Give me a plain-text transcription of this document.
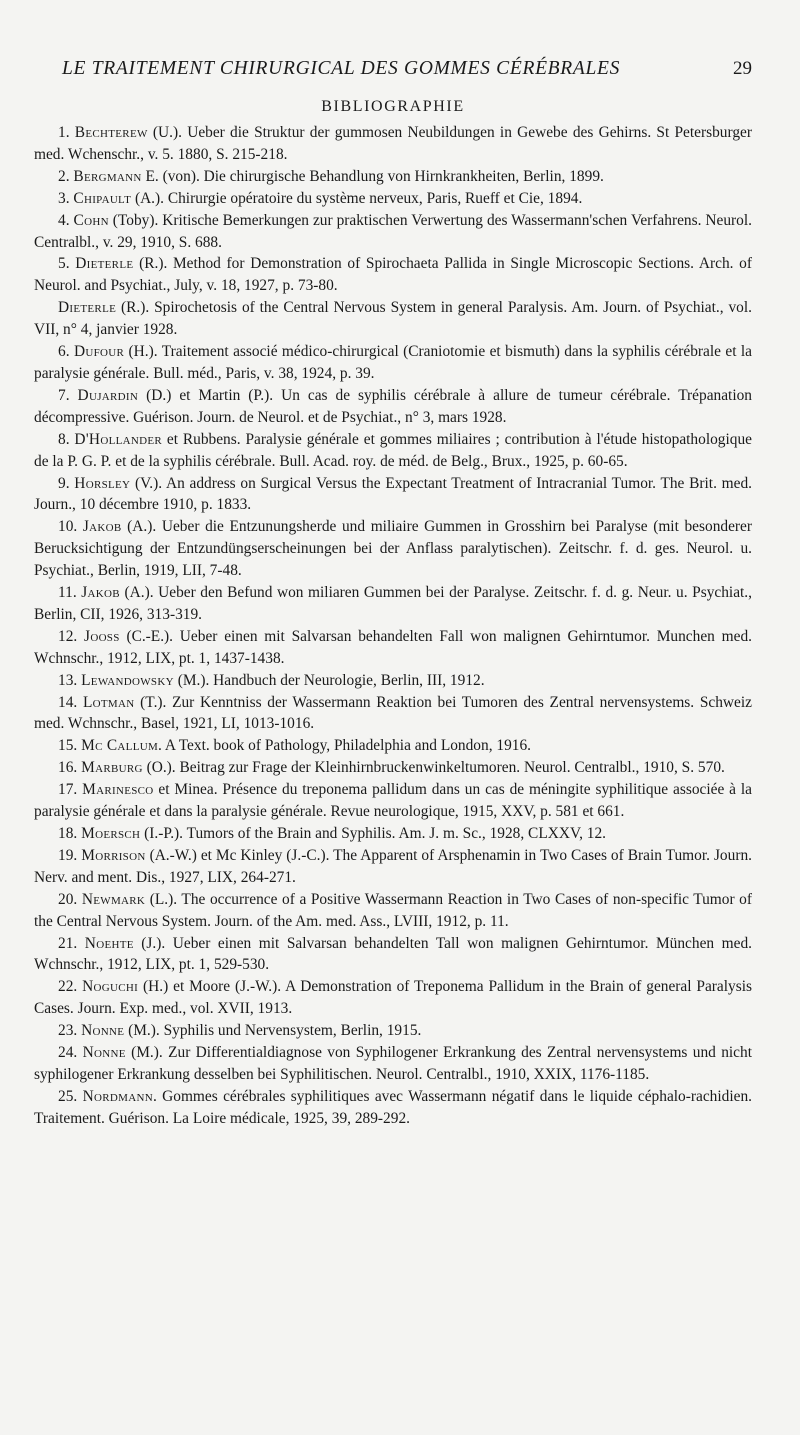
LE TRAITEMENT CHIRURGICAL DES GOMMES CÉRÉBRALES	29
BIBLIOGRAPHIE

1. Bechterew (U.). Ueber die Struktur der gummosen Neubildungen in Gewebe des Gehirns. St Petersburger med. Wchenschr., v. 5. 1880, S. 215-218.

2. Bergmann E. (von). Die chirurgische Behandlung von Hirnkrankheiten, Berlin, 1899.

3. Chipault (A.). Chirurgie opératoire du système nerveux, Paris, Rueff et Cie, 1894.

4. Cohn (Toby). Kritische Bemerkungen zur praktischen Verwertung des Wassermann'schen Verfahrens. Neurol. Centralbl., v. 29, 1910, S. 688.

5. Dieterle (R.). Method for Demonstration of Spirochaeta Pallida in Single Microscopic Sections. Arch. of Neurol. and Psychiat., July, v. 18, 1927, p. 73-80.

Dieterle (R.). Spirochetosis of the Central Nervous System in general Paralysis. Am. Journ. of Psychiat., vol. VII, n° 4, janvier 1928.

6. Dufour (H.). Traitement associé médico-chirurgical (Craniotomie et bismuth) dans la syphilis cérébrale et la paralysie générale. Bull. méd., Paris, v. 38, 1924, p. 39.

7. Dujardin (D.) et Martin (P.). Un cas de syphilis cérébrale à allure de tumeur cérébrale. Trépanation décompressive. Guérison. Journ. de Neurol. et de Psychiat., n° 3, mars 1928.

8. D'Hollander et Rubbens. Paralysie générale et gommes miliaires ; contribution à l'étude histopathologique de la P. G. P. et de la syphilis cérébrale. Bull. Acad. roy. de méd. de Belg., Brux., 1925, p. 60-65.

9. Horsley (V.). An address on Surgical Versus the Expectant Treatment of Intracranial Tumor. The Brit. med. Journ., 10 décembre 1910, p. 1833.

10. Jakob (A.). Ueber die Entzunungsherde und miliaire Gummen in Grosshirn bei Paralyse (mit besonderer Berucksichtigung der Entzundüngserscheinungen bei der Anflass paralytischen). Zeitschr. f. d. ges. Neurol. u. Psychiat., Berlin, 1919, LII, 7-48.

11. Jakob (A.). Ueber den Befund won miliaren Gummen bei der Paralyse. Zeitschr. f. d. g. Neur. u. Psychiat., Berlin, CII, 1926, 313-319.

12. Jooss (C.-E.). Ueber einen mit Salvarsan behandelten Fall won malignen Gehirntumor. Munchen med. Wchnschr., 1912, LIX, pt. 1, 1437-1438.

13. Lewandowsky (M.). Handbuch der Neurologie, Berlin, III, 1912.

14. Lotman (T.). Zur Kenntniss der Wassermann Reaktion bei Tumoren des Zentral nervensystems. Schweiz med. Wchnschr., Basel, 1921, LI, 1013-1016.

15. Mc Callum. A Text. book of Pathology, Philadelphia and London, 1916.

16. Marburg (O.). Beitrag zur Frage der Kleinhirnbruckenwinkeltumoren. Neurol. Centralbl., 1910, S. 570.

17. Marinesco et Minea. Présence du treponema pallidum dans un cas de méningite syphilitique associée à la paralysie générale et dans la paralysie générale. Revue neurologique, 1915, XXV, p. 581 et 661.

18. Moersch (I.-P.). Tumors of the Brain and Syphilis. Am. J. m. Sc., 1928, CLXXV, 12.

19. Morrison (A.-W.) et Mc Kinley (J.-C.). The Apparent of Arsphenamin in Two Cases of Brain Tumor. Journ. Nerv. and ment. Dis., 1927, LIX, 264-271.

20. Newmark (L.). The occurrence of a Positive Wassermann Reaction in Two Cases of non-specific Tumor of the Central Nervous System. Journ. of the Am. med. Ass., LVIII, 1912, p. 11.

21. Noehte (J.). Ueber einen mit Salvarsan behandelten Tall won malignen Gehirntumor. München med. Wchnschr., 1912, LIX, pt. 1, 529-530.

22. Noguchi (H.) et Moore (J.-W.). A Demonstration of Treponema Pallidum in the Brain of general Paralysis Cases. Journ. Exp. med., vol. XVII, 1913.

23. Nonne (M.). Syphilis und Nervensystem, Berlin, 1915.

24. Nonne (M.). Zur Differentialdiagnose von Syphilogener Erkrankung des Zentral nervensystems und nicht syphilogener Erkrankung desselben bei Syphilitischen. Neurol. Centralbl., 1910, XXIX, 1176-1185.

25. Nordmann. Gommes cérébrales syphilitiques avec Wassermann négatif dans le liquide céphalo-rachidien. Traitement. Guérison. La Loire médicale, 1925, 39, 289-292.
